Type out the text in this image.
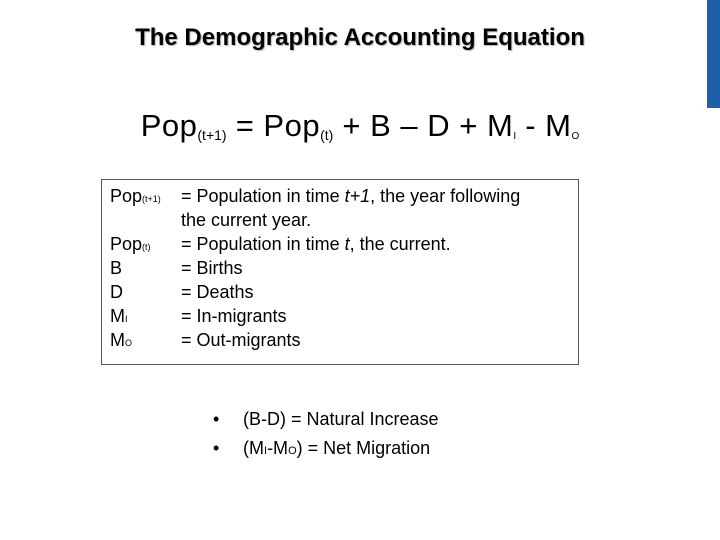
The Demographic Accounting Equation
Pop$_{(t+1)}$ = Pop$_{(t)}$ + B – D + MI - MO
Pop(t+1) = Population in time t+1, the year following
the current year.
Pop(t) = Population in time t, the current.
B	= Births
D	= Deaths
MI	= In-migrants
MO	= Out-migrants
• (B-D) = Natural Increase
• (MI-MO) = Net Migration
